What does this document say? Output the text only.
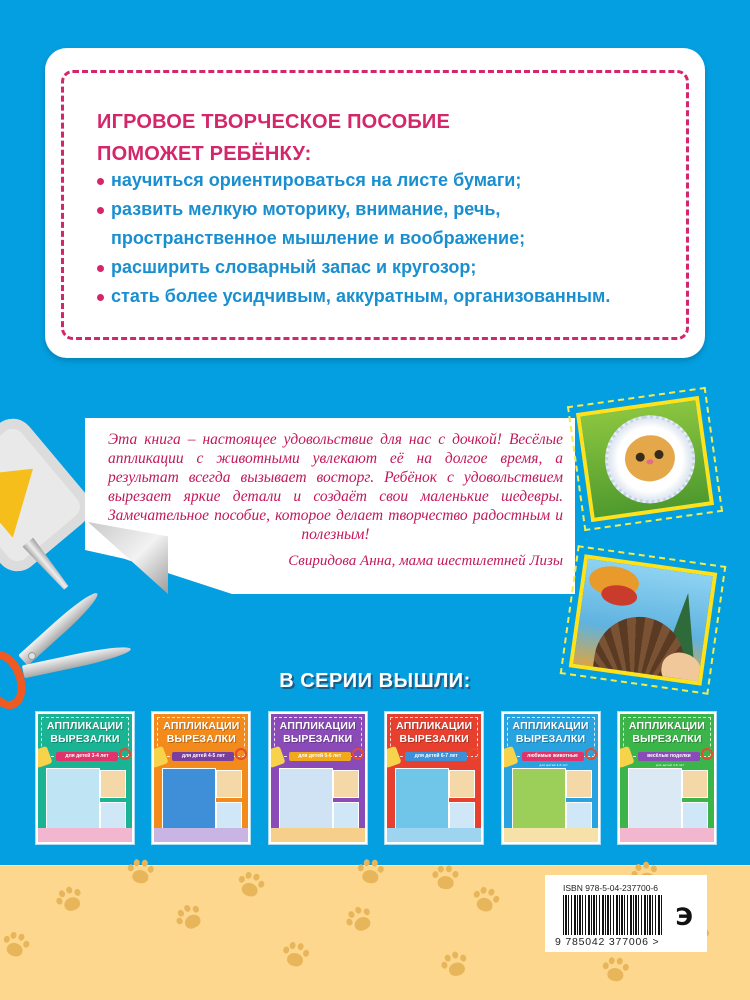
ИГРОВОЕ ТВОРЧЕСКОЕ ПОСОБИЕ
ПОМОЖЕТ РЕБЁНКУ:
научиться ориентироваться на листе бумаги;
развить мелкую моторику, внимание, речь,
пространственное мышление и воображение;
расширить словарный запас и кругозор;
стать более усидчивым, аккуратным, организованным.
Эта книга – настоящее удовольствие для нас с дочкой! Весёлые аппликации с животными увлекают её на долгое время, а результат всегда вызывает восторг. Ребёнок с удовольствием вырезает яркие детали и создаёт свои маленькие шедевры. Замечательное пособие, которое делает творчество радостным и полезным!
Свиридова Анна, мама шестилетней Лизы
В СЕРИИ ВЫШЛИ:
АППЛИКАЦИИ
ВЫРЕЗАЛКИ
для детей 3-4 лет
АППЛИКАЦИИ
ВЫРЕЗАЛКИ
для детей 4-5 лет
АППЛИКАЦИИ
ВЫРЕЗАЛКИ
для детей 5-6 лет
АППЛИКАЦИИ
ВЫРЕЗАЛКИ
для детей 6-7 лет
АППЛИКАЦИИ
ВЫРЕЗАЛКИ
любимые животные
для детей 4-6 лет
АППЛИКАЦИИ
ВЫРЕЗАЛКИ
весёлые поделки
для детей 4-6 лет
ISBN 978-5-04-237700-6
9 785042 377006 >
Э
